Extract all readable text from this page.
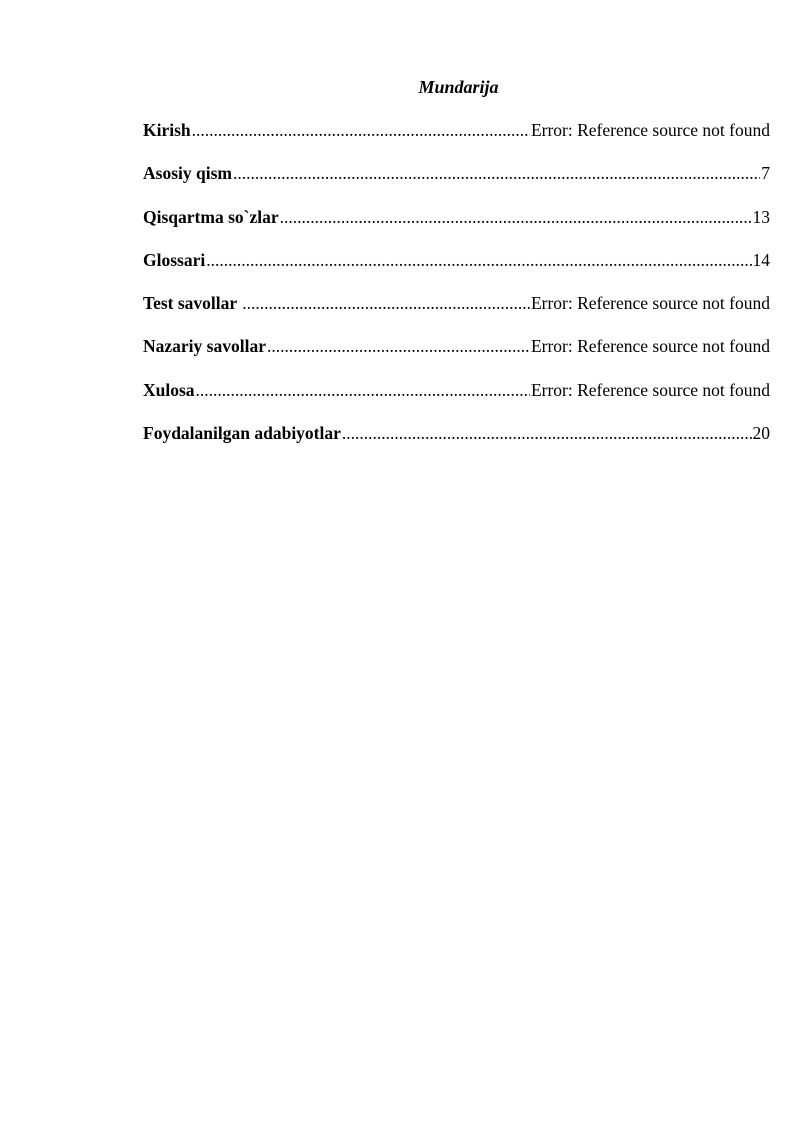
Mundarija
Kirish .....	Error: Reference source not found
Asosiy qism .....	7
Qisqartma so`zlar .....	13
Glossari .....	14
Test savollar .....	Error: Reference source not found
Nazariy savollar .....	Error: Reference source not found
Xulosa .....	Error: Reference source not found
Foydalanilgan adabiyotlar .....	20
